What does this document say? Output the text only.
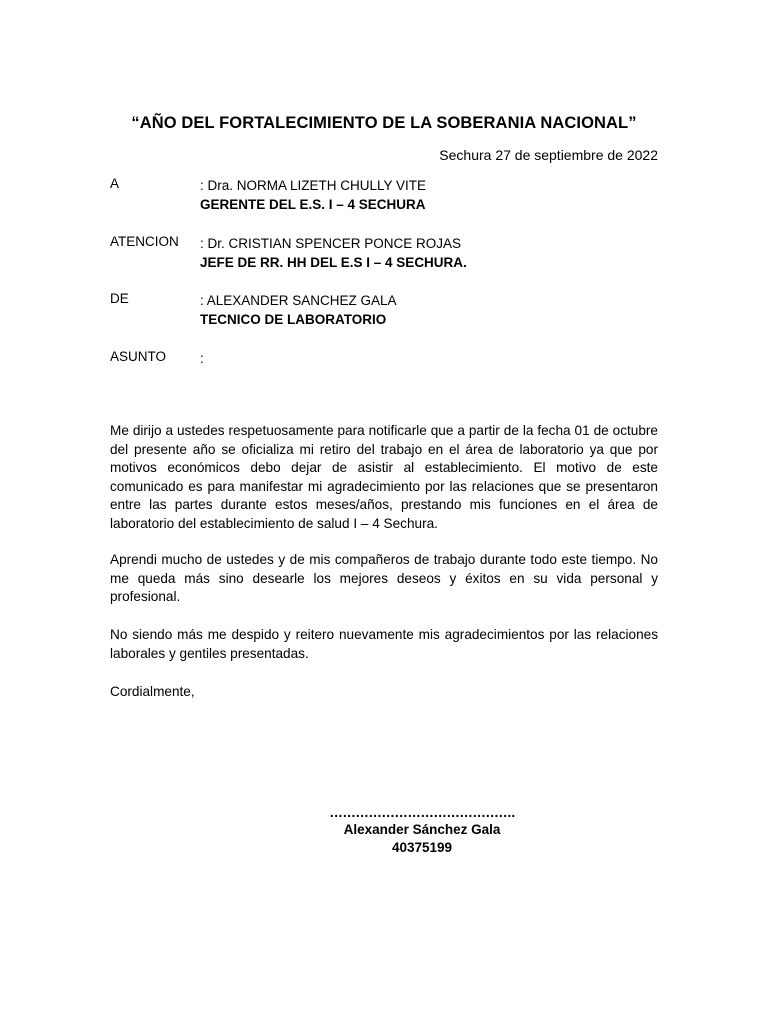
“AÑO DEL FORTALECIMIENTO DE LA SOBERANIA NACIONAL”
Sechura 27 de septiembre de 2022
A	: Dra. NORMA LIZETH CHULLY VITE
GERENTE DEL E.S. I – 4 SECHURA
ATENCION : Dr. CRISTIAN SPENCER PONCE ROJAS
JEFE DE RR. HH DEL E.S I – 4 SECHURA.
DE	: ALEXANDER SANCHEZ GALA
TECNICO DE LABORATORIO
ASUNTO	:

Me dirijo a ustedes respetuosamente para notificarle que a partir de la fecha 01 de octubre del presente año se oficializa mi retiro del trabajo en el área de laboratorio ya que por motivos económicos debo dejar de asistir al establecimiento. El motivo de este comunicado es para manifestar mi agradecimiento por las relaciones que se presentaron entre las partes durante estos meses/años, prestando mis funciones en el área de laboratorio del establecimiento de salud I – 4 Sechura.

Aprendi mucho de ustedes y de mis compañeros de trabajo durante todo este tiempo. No me queda más sino desearle los mejores deseos y éxitos en su vida personal y profesional.

No siendo más me despido y reitero nuevamente mis agradecimientos por las relaciones laborales y gentiles presentadas.

Cordialmente,
…………………………………….
Alexander Sánchez Gala
40375199
